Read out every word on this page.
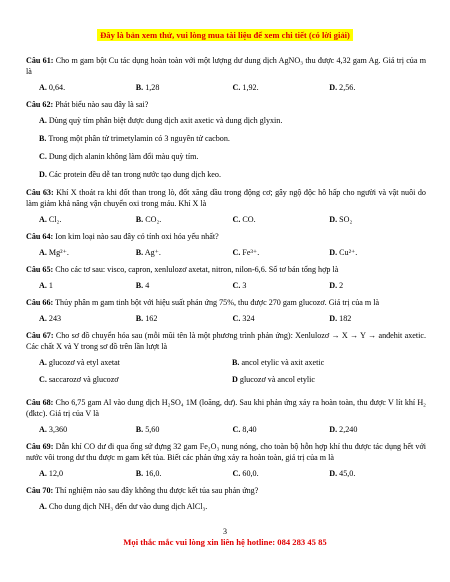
Đây là bản xem thử, vui lòng mua tài liệu để xem chi tiết (có lời giải)
Câu 61: Cho m gam bột Cu tác dụng hoàn toàn với một lượng dư dung dịch AgNO₃ thu được 4,32 gam Ag. Giá trị của m là
A. 0,64.	B. 1,28	C. 1,92.	D. 2,56.
Câu 62: Phát biểu nào sau đây là sai?
A. Dùng quỳ tím phân biệt được dung dịch axit axetic và dung dịch glyxin.
B. Trong một phân tử trimetylamin có 3 nguyên tử cacbon.
C. Dung dịch alanin không làm đổi màu quỳ tím.
D. Các protein đều dễ tan trong nước tạo dung dịch keo.
Câu 63: Khí X thoát ra khi đốt than trong lò, đốt xăng dầu trong động cơ; gây ngộ độc hô hấp cho người và vật nuôi do làm giảm khả năng vận chuyển oxi trong máu. Khí X là
A. Cl₂.	B. CO₂.	C. CO.	D. SO₂
Câu 64: Ion kim loại nào sau đây có tính oxi hóa yếu nhất?
A. Mg²⁺.	B. Ag⁺.	C. Fe³⁺.	D. Cu²⁺.
Câu 65: Cho các tơ sau: visco, capron, xenlulozơ axetat, nitron, nilon-6,6. Số tơ bán tổng hợp là
A. 1	B. 4	C. 3	D. 2
Câu 66: Thủy phân m gam tinh bột với hiệu suất phản ứng 75%, thu được 270 gam glucozơ. Giá trị của m là
A. 243	B. 162	C. 324	D. 182
Câu 67: Cho sơ đồ chuyển hóa sau (mỗi mũi tên là một phương trình phản ứng): Xenlulozơ → X → Y → anđehit axetic. Các chất X và Y trong sơ đồ trên lần lượt là
A. glucozơ và etyl axetat	B. ancol etylic và axit axetic
C. saccarozơ và glucozơ	D glucozơ và ancol etylic
Câu 68: Cho 6,75 gam Al vào dung dịch H₂SO₄ 1M (loãng, dư). Sau khi phản ứng xảy ra hoàn toàn, thu được V lít khí H₂ (đktc). Giá trị của V là
A. 3,360	B. 5,60	C. 8,40	D. 2,240
Câu 69: Dẫn khí CO dư đi qua ống sứ đựng 32 gam Fe₂O₃ nung nóng, cho toàn bộ hỗn hợp khí thu được tác dụng hết với nước vôi trong dư thu được m gam kết tủa. Biết các phản ứng xảy ra hoàn toàn, giá trị của m là
A. 12,0	B. 16,0.	C. 60,0.	D. 45,0.
Câu 70: Thí nghiệm nào sau đây không thu được kết tủa sau phản ứng?
A. Cho dung dịch NH₃ đến dư vào dung dịch AlCl₃.
3
Mọi thắc mắc vui lòng xin liên hệ hotline: 084 283 45 85
